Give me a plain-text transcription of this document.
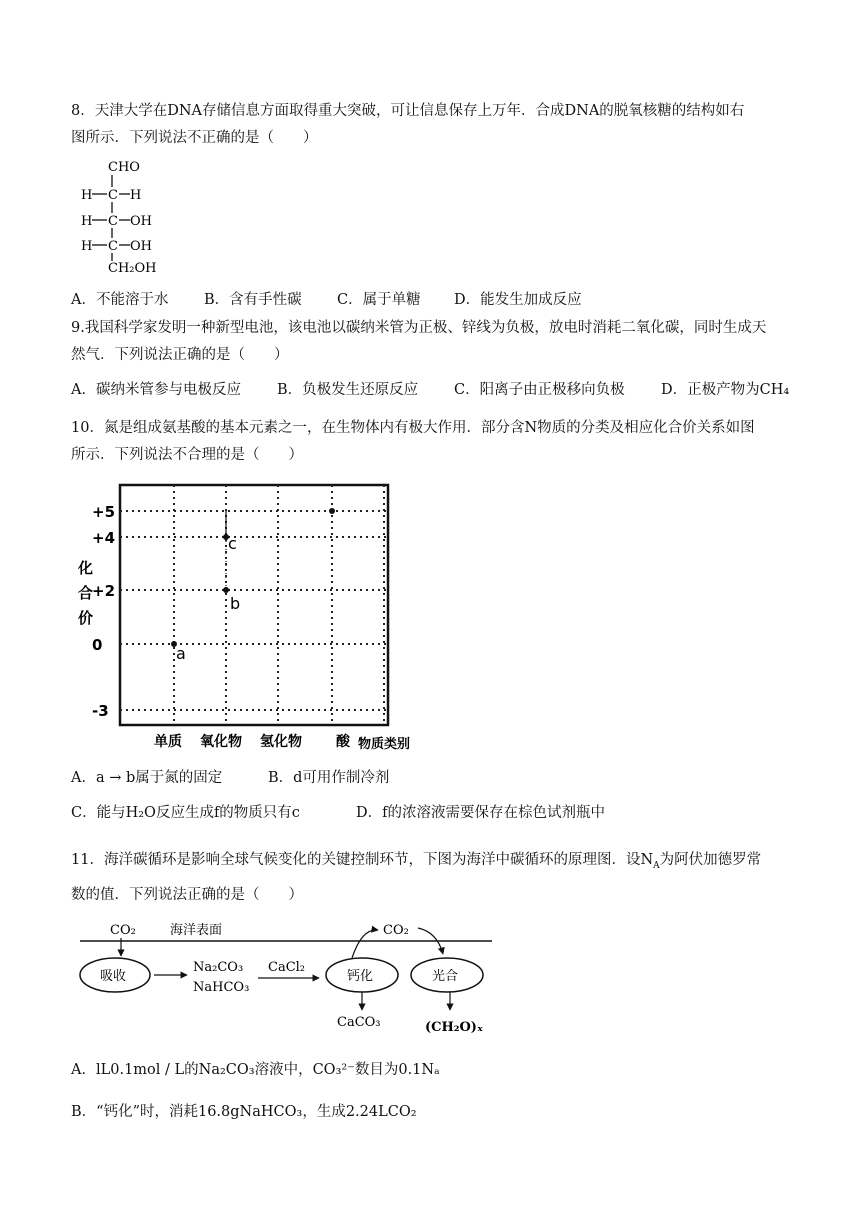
8．天津大学在DNA存储信息方面取得重大突破，可让信息保存上万年．合成DNA的脱氧核糖的结构如右
图所示．下列说法不正确的是（　　）
CHO
H C H
H C OH
H C OH
CH₂OH
A．不能溶于水 B．含有手性碳 C．属于单糖 D．能发生加成反应
9.我国科学家发明一种新型电池，该电池以碳纳米管为正极、锌线为负极，放电时消耗二氧化碳，同时生成天
然气．下列说法正确的是（　　）
A．碳纳米管参与电极反应 B．负极发生还原反应 C．阳离子由正极移向负极	D．正极产物为CH₄
10．氮是组成氨基酸的基本元素之一，在生物体内有极大作用．部分含N物质的分类及相应化合价关系如图
所示．下列说法不合理的是（　　）
+5
+4
+2
0
-3
单质 氧化物 氢化物 酸
a
b
c
化
合
价
物质类别
A．a → b属于氮的固定	B．d可用作制冷剂
C．能与H₂O反应生成f的物质只有c	D．f的浓溶液需要保存在棕色试剂瓶中
11．海洋碳循环是影响全球气候变化的关键控制环节，下图为海洋中碳循环的原理图．设$N_A$为阿伏加德罗常
数的值．下列说法正确的是（　　）
CO₂	海洋表面
吸收
Na₂CO₃
NaHCO₃
CaCl₂
钙化
CO₂
光合
CaCO₃	(CH₂O)ₓ
A．lL0.1mol / L的Na₂CO₃溶液中，CO₃²⁻数目为0.1Nₐ
B．“钙化”时，消耗16.8gNaHCO₃，生成2.24LCO₂
